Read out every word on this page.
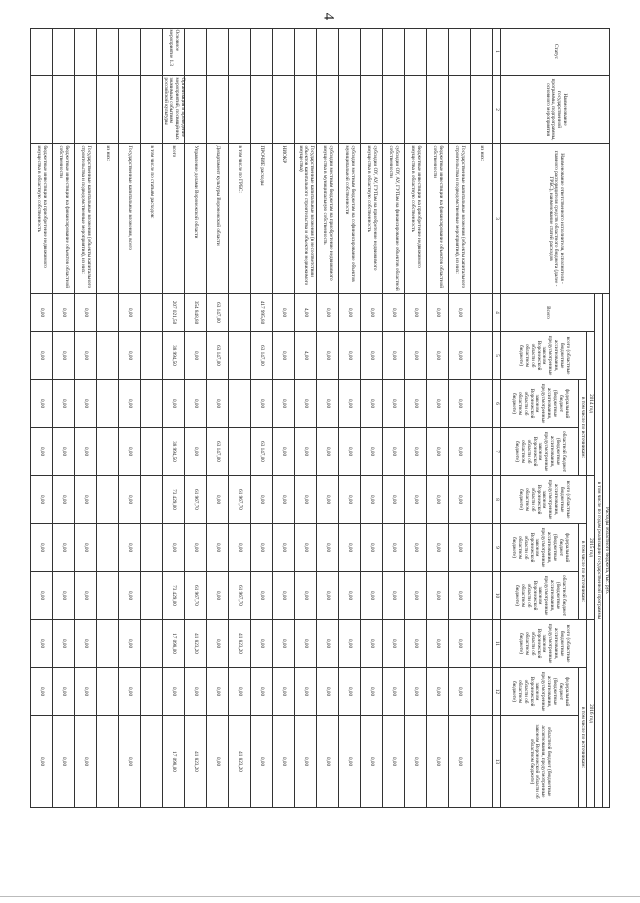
4
Статус
Наименование государственной программы, подпрограммы, основного мероприятия
Наименование ответственного исполнителя, исполнителя - главного распорядителя средств областного бюджета (далее - ГРБС), наименование статей расходов
Расходы областного бюджета, тыс. руб.
в том числе по годам реализации государственной программы
Всего
2014 год
всего (областные бюджетные ассигнования, предусмотренные законом Воронежской области об областном бюджете)
в том числе по источникам:
федеральный бюджет (бюджетные ассигнования, предусмотренные законом Воронежской области об областном бюджете)
областной бюджет (бюджетные ассигнования, предусмотренные законом Воронежской области об областном бюджете)
2015 год
всего (областные бюджетные ассигнования, предусмотренные законом Воронежской области об областном бюджете)
в том числе по источникам:
федеральный бюджет (бюджетные ассигнования, предусмотренные законом Воронежской области об областном бюджете)
областной бюджет (бюджетные ассигнования, предусмотренные законом Воронежской области об областном бюджете)
2016 год
всего (областные бюджетные ассигнования, предусмотренные законом Воронежской области об областном бюджете)
в том числе по источникам:
федеральный бюджет (бюджетные ассигнования, предусмотренные законом Воронежской области об областном бюджете)
областной бюджет (бюджетные ассигнования, предусмотренные законом Воронежской области об областном бюджете)
1
2
3
4
5
6
7
8
9
10
11
12
13
из них:
Государственные капитальные вложения (объекты капитального строительства и подведомственные мероприятия), из них:
0,00
0,00
0,00
0,00
0,00
0,00
0,00
0,00
0,00
0,00
бюджетные инвестиции на финансирование объектов областной собственности
0,00
0,00
0,00
0,00
0,00
0,00
0,00
0,00
0,00
0,00
бюджетные инвестиции на приобретение недвижимого имущества в областную собственность
0,00
0,00
0,00
0,00
0,00
0,00
0,00
0,00
0,00
0,00
субсидии ОУ, АУ, ГУПам на финансирование объектов областной собственности
0,00
0,00
0,00
0,00
0,00
0,00
0,00
0,00
0,00
0,00
субсидии ОУ, АУ, ГУПам на приобретение недвижимого имущества в областную собственность
0,00
0,00
0,00
0,00
0,00
0,00
0,00
0,00
0,00
0,00
субсидии местным бюджетам на софинансирование объектов муниципальной собственности
0,00
0,00
0,00
0,00
0,00
0,00
0,00
0,00
0,00
0,00
субсидии местным бюджетам на приобретение недвижимого имущества в муниципальную собственность
0,00
0,00
0,00
0,00
0,00
0,00
0,00
0,00
0,00
0,00
Государственные капитальные вложения (в несоответствии объектов капитального строительства и объектов недвижимого имущества)
4,00
4,00
0,00
0,00
0,00
0,00
0,00
0,00
0,00
0,00
НИОКР
0,00
0,00
0,00
0,00
0,00
0,00
0,00
0,00
0,00
0,00
ПРОЧИЕ расходы
417 995,80
63 147,00
0,00
63 147,00
0,00
0,00
0,00
0,00
0,00
0,00
в том числе по ГРБС:
61 967,70
0,00
61 967,70
41 823,20
0,00
41 823,20
Департамент культуры Воронежской области
63 147,00
63 147,00
0,00
63 147,00
0,00
0,00
0,00
0,00
0,00
0,00
Управление делами Воронежской области
354 848,80
0,00
0,00
0,00
61 967,70
0,00
61 967,70
41 823,20
0,00
41 823,20
Основное мероприятие 1.3
Организация и проведение мероприятий, посвящённых значимым событиям российской культуры
всего
207 021,50
38 994,50
0,00
38 994,50
73 429,00
0,00
73 429,00
17 098,00
0,00
17 098,00
в том числе по статьям расходов:
Государственные капитальные вложения, всего
0,00
0,00
0,00
0,00
0,00
0,00
0,00
0,00
0,00
0,00
из них:
Государственные капитальные вложения (объекты капитального строительства и подведомственные мероприятия), из них:
0,00
0,00
0,00
0,00
0,00
0,00
0,00
0,00
0,00
0,00
бюджетные инвестиции на финансирование объектов областной собственности
0,00
0,00
0,00
0,00
0,00
0,00
0,00
0,00
0,00
0,00
бюджетные инвестиции на приобретение недвижимого имущества в областную собственность
0,00
0,00
0,00
0,00
0,00
0,00
0,00
0,00
0,00
0,00
